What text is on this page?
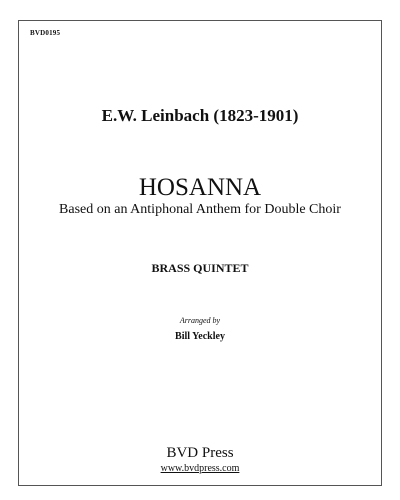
BVD0195
E.W. Leinbach (1823-1901)
HOSANNA
Based on an Antiphonal Anthem for Double Choir
BRASS QUINTET
Arranged by
Bill Yeckley
BVD Press
www.bvdpress.com
